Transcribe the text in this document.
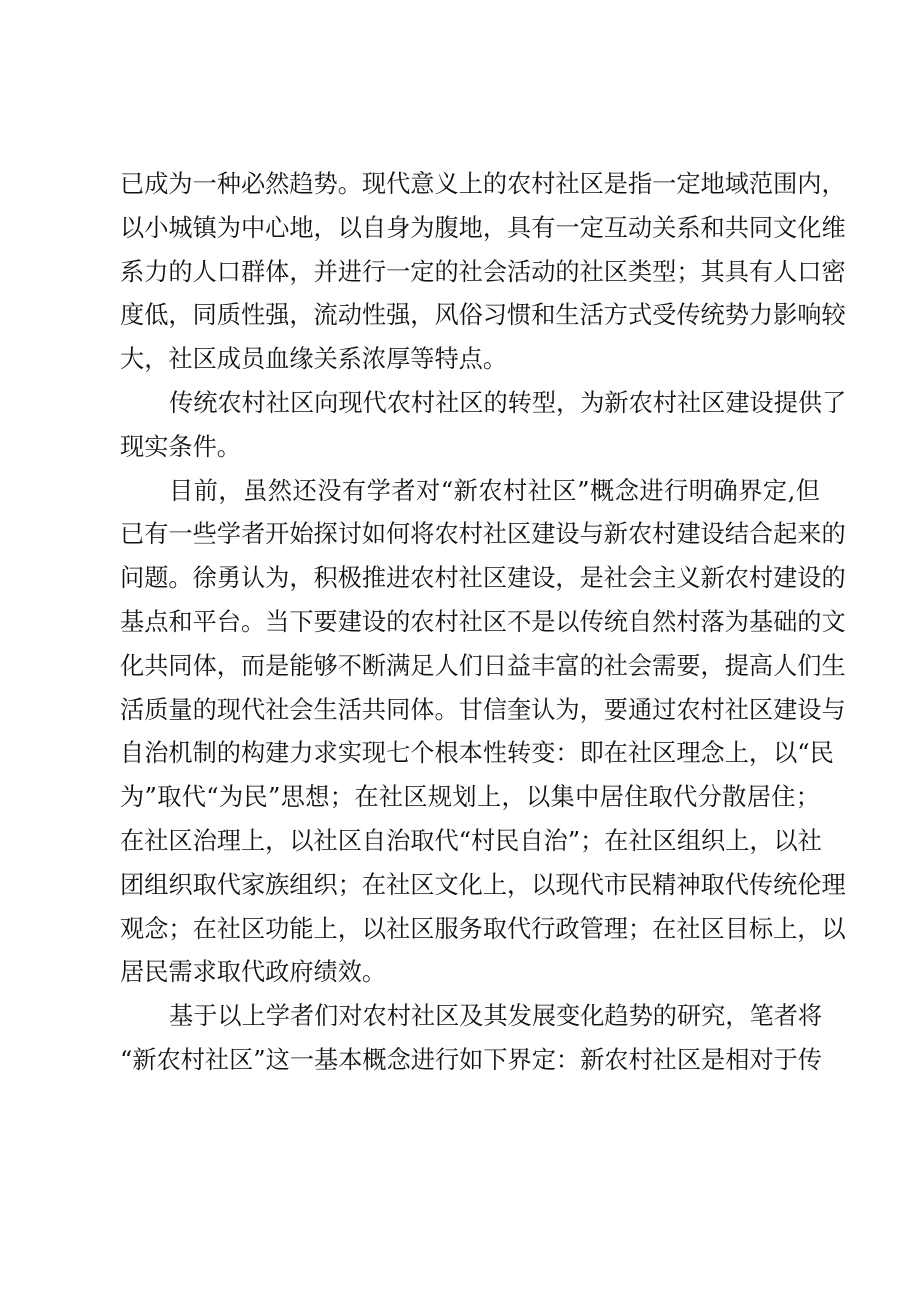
已成为一种必然趋势。现代意义上的农村社区是指一定地域范围内，
以小城镇为中心地，以自身为腹地，具有一定互动关系和共同文化维
系力的人口群体，并进行一定的社会活动的社区类型；其具有人口密
度低，同质性强，流动性强，风俗习惯和生活方式受传统势力影响较
大，社区成员血缘关系浓厚等特点。
传统农村社区向现代农村社区的转型，为新农村社区建设提供了
现实条件。
目前，虽然还没有学者对“新农村社区”概念进行明确界定,但
已有一些学者开始探讨如何将农村社区建设与新农村建设结合起来的
问题。徐勇认为，积极推进农村社区建设，是社会主义新农村建设的
基点和平台。当下要建设的农村社区不是以传统自然村落为基础的文
化共同体，而是能够不断满足人们日益丰富的社会需要，提高人们生
活质量的现代社会生活共同体。甘信奎认为，要通过农村社区建设与
自治机制的构建力求实现七个根本性转变：即在社区理念上，以“民
为”取代“为民”思想；在社区规划上，以集中居住取代分散居住；
在社区治理上，以社区自治取代“村民自治”；在社区组织上，以社
团组织取代家族组织；在社区文化上，以现代市民精神取代传统伦理
观念；在社区功能上，以社区服务取代行政管理；在社区目标上，以
居民需求取代政府绩效。
基于以上学者们对农村社区及其发展变化趋势的研究，笔者将
“新农村社区”这一基本概念进行如下界定：新农村社区是相对于传
